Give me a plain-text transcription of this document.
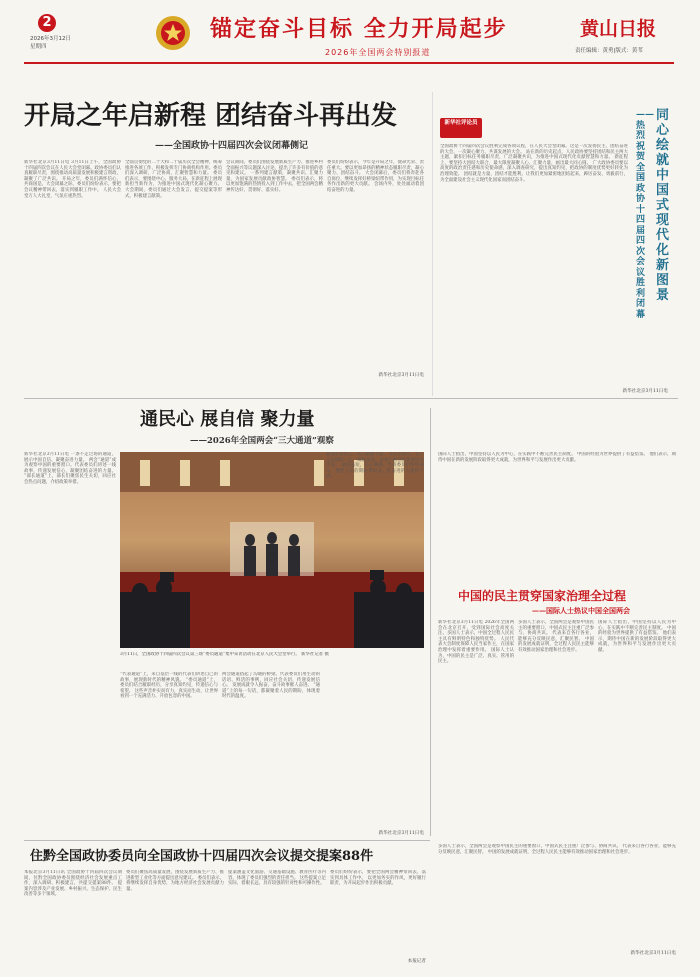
2
2026年3月12日
星期四
锚定奋斗目标 全力开局起步
2026年全国两会特别报道
黄山日报
责任编辑：黄勇|版式：黄苇
开局之年启新程 团结奋斗再出发
——全国政协十四届四次会议闭幕侧记
新华社北京3月11日电 3月11日上午，全国政协十四届四次会议在人民大会堂闭幕。政协委员们认真履职尽责，围绕推动高质量发展积极建言资政，凝聚了广泛共识。 开局之年，委员们满怀信心，共商国是。大会闭幕之际，委员们纷纷表示，要把会议精神带回去，落实到履职工作中。 人民大会堂万人大礼堂，气氛庄重热烈。
全面贯彻党的二十大和二十届历次全会精神，统筹推进各项工作，积极发挥专门协商机构作用。委员们深入调研，广泛协商，汇聚智慧和力量。 委员们表示，要围绕中心、服务大局，在新征程上展现新担当新作为，为推进中国式现代化凝心聚力。 大会期间，委员们通过大会发言、提交提案等形式，积极建言献策。
会议期间，委员们围绕发展新质生产力、推进乡村全面振兴等议题深入讨论，提出了许多有价值的意见和建议。 一系列建言献策，凝聚共识、汇聚力量，为国家发展贡献政协智慧。 委员们表示，将以更加饱满的热情投入到工作中去，把全国两会精神传达好、贯彻好、落实好。
委员们纷纷表示，今年是开局之年，使命光荣、责任重大。要以更加昂扬的精神状态履职尽责，凝心聚力、团结奋斗。 大会闭幕后，委员们将奔赴各自岗位，继续发挥好桥梁纽带作用，为实现目标任务作出新的更大贡献。 会场内外，处处涌动着团结奋进的力量。
新华社北京3月11日电
新华社评论员
全国政协十四届四次会议胜利完成各项议程，在人民大会堂闭幕。这是一次发扬民主、团结奋进的大会，一次凝心聚力、共谋发展的大会。 站在新的历史起点，人民政协要坚持团结和民主两大主题，紧扣目标任务履职尽责，广泛凝聚共识，为推进中国式现代化贡献智慧和力量。 新征程上，要坚持大团结大联合，最大限度凝聚人心、汇聚力量，画出最大同心圆。 广大政协委员要以高度的政治责任感和历史使命感，深入调查研究，提出真知灼见，把政协的制度优势更好转化为治理效能。 团结就是力量，团结才能胜利。让我们更加紧密地团结起来，踔厉奋发、勇毅前行，为全面建设社会主义现代化国家而团结奋斗。
同心绘就中国式现代化新图景
——热烈祝贺全国政协十四届四次会议胜利闭幕
新华社北京3月11日电
通民心 展自信 聚力量
——2026年全国两会“三大通道”观察
新华社北京3月11日电 一条不走过场的通道，展示中国自信、凝聚奋进力量。 两会“通道”成为观察中国的重要窗口。代表委员们讲述一线故事，传递发展信心，凝聚团结奋进的力量。 “部长通道”上，部长们聚焦民生关切，回应社会热点问题，介绍政策举措。
3月11日，全国政协十四届四次会议第三场“委员通道”集中采访活动在北京人民大会堂举行。 新华社记者 摄
“代表通道”上，来自基层一线的代表们讲述自己的故事，展现新时代的精神风貌。 “委员通道”上，委员们结合履职经历，分享真知灼见，传递信心与希望。 这些声音朴实而有力，真实而生动，让世界看到一个充满活力、开放包容的中国。
两会通道搭起了沟通的桥梁。代表委员们用生动的话语、鲜活的事例，回应社会关切，传递发展信心。 发展成就令人振奋，奋斗故事催人奋进。 “通道”上的每一句话，都凝聚着人民的期盼，体现着时代的温度。
通道连着民心，民心凝聚力量。 站在新起点，亿万人民团结一心、砥砺奋进，必将不断创造新的历史伟业。 通道虽短，信心满满。代表委员们纷纷表示，要把人民的期盼带回去，把奋进的力量传下去。
新华社北京3月11日电
中国的民主贯穿国家治理全过程
——国际人士热议中国全国两会
新华社北京3月11日电 2026年全国两会在北京召开，受到国际社会高度关注。多国人士表示，中国全过程人民民主具有鲜明特色和独特优势。 人民代表大会制度保障人民当家作主，在国家治理中发挥着重要作用。 国际人士认为，中国的民主是广泛、真实、管用的民主。
多国人士表示，全国两会是观察中国民主的重要窗口，中国式民主注重广泛参与、协商共识。 代表来自各行各业，能够充分反映民意，汇聚民智。 中国的发展成就证明，全过程人民民主能够有效推动国家治理和社会进步。
国际人士指出，中国坚持以人民为中心，在实践中不断完善民主制度。 中国的经验为世界提供了有益借鉴。 他们表示，期待中国在新的发展阶段取得更大成就，为世界和平与发展作出更大贡献。
国际人士指出，中国坚持以人民为中心，在实践中不断完善民主制度。 中国的经验为世界提供了有益借鉴。 他们表示，期待中国在新的发展阶段取得更大成就，为世界和平与发展作出更大贡献。
新华社北京3月11日电
住黔全国政协委员向全国政协十四届四次会议提交提案88件
本报北京3月11日讯 全国政协十四届四次会议期间，住黔全国政协委员围绕经济社会发展重点工作，深入调研、积极建言，共提交提案88件。 提案内容涉及产业发展、乡村振兴、生态保护、民生改善等多个领域。
委员们聚焦高质量发展，围绕发展新质生产力、推进新型工业化等方面提出意见建议。 委员们表示，将继续发挥自身优势，为地方经济社会发展贡献力量。
提案涵盖文化旅游、交通基础设施、教育医疗等内容，体现了委员们强烈的责任担当。 这些提案立足实际、着眼长远，具有较强的针对性和可操作性。
委员们纷纷表示，要把全国两会精神带回去，落实到具体工作中。 以更加务实的作风，更好履行职责，为开局起步作出积极贡献。
本报记者
多国人士表示，全国两会是观察中国民主的重要窗口，中国式民主注重广泛参与、协商共识。 代表来自各行各业，能够充分反映民意，汇聚民智。 中国的发展成就证明，全过程人民民主能够有效推动国家治理和社会进步。
